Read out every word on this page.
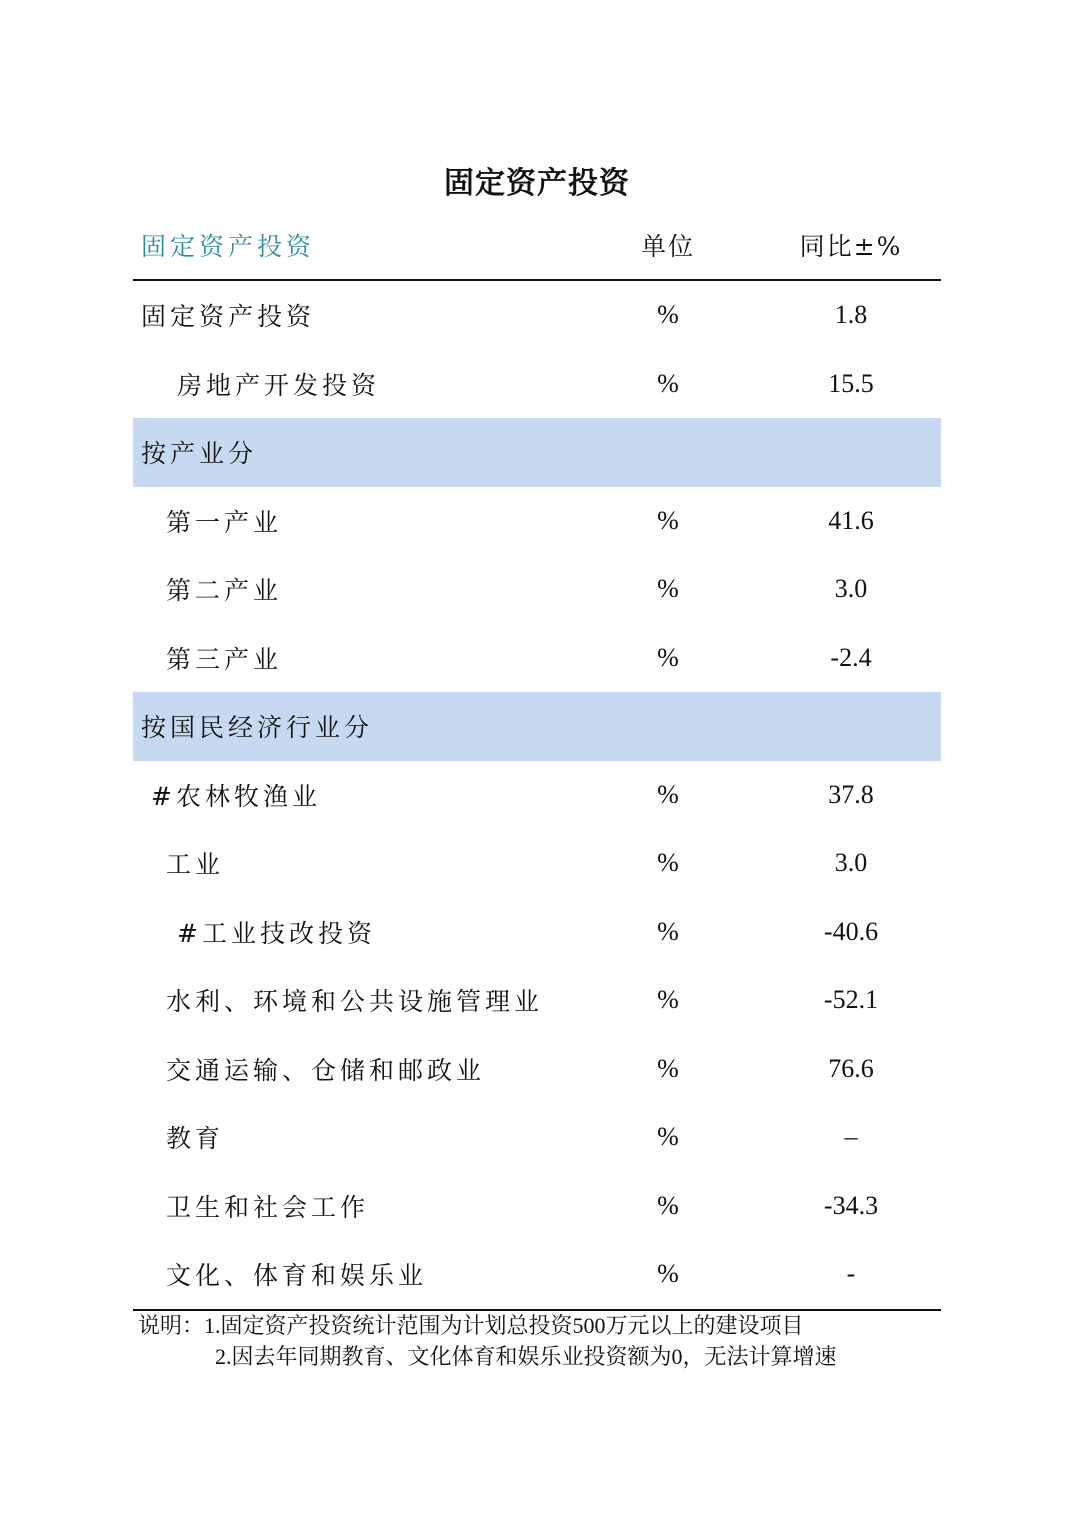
固定资产投资
固定资产投资	单位	同比±%
固定资产投资	%	1.8
房地产开发投资	%	15.5
按产业分
第一产业	%	41.6
第二产业	%	3.0
第三产业	%	-2.4
按国民经济行业分
#农林牧渔业	%	37.8
工业	%	3.0
#工业技改投资	%	-40.6
水利、环境和公共设施管理业	%	-52.1
交通运输、仓储和邮政业	%	76.6
教育	%	–
卫生和社会工作	%	-34.3
文化、体育和娱乐业	%	-
说明：1.固定资产投资统计范围为计划总投资500万元以上的建设项目
2.因去年同期教育、文化体育和娱乐业投资额为0，无法计算增速
